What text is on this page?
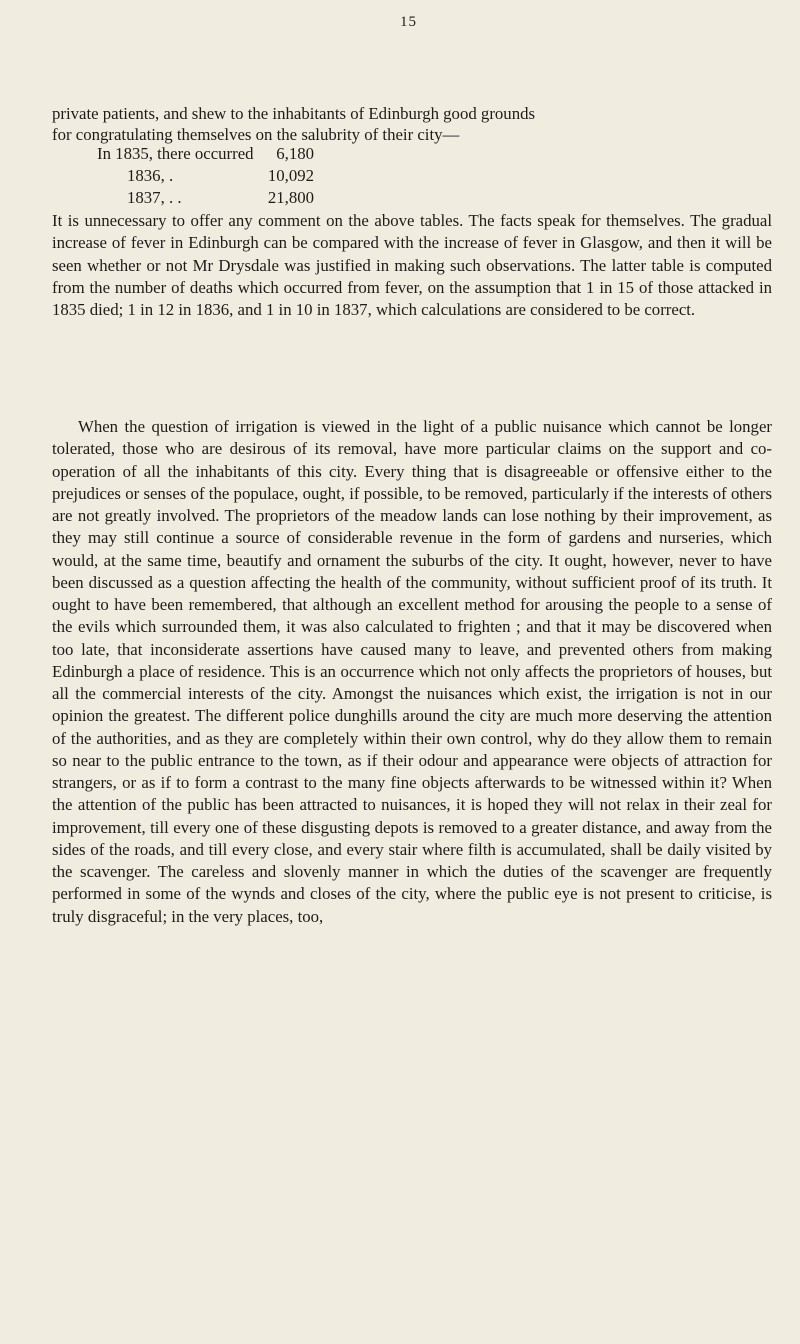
15
private patients, and shew to the inhabitants of Edinburgh good grounds
for congratulating themselves on the salubrity of their city—
In 1835, there occurred	6,180
1836, .	10,092
1837, . .	21,800

It is unnecessary to offer any comment on the above tables. The facts speak for themselves. The gradual increase of fever in Edinburgh can be compared with the increase of fever in Glasgow, and then it will be seen whether or not Mr Drysdale was justified in making such observations. The latter table is computed from the number of deaths which occurred from fever, on the assumption that 1 in 15 of those attacked in 1835 died; 1 in 12 in 1836, and 1 in 10 in 1837, which calculations are considered to be correct.

When the question of irrigation is viewed in the light of a public nuisance which cannot be longer tolerated, those who are desirous of its removal, have more particular claims on the support and co-operation of all the inhabitants of this city. Every thing that is disagreeable or offensive either to the prejudices or senses of the populace, ought, if possible, to be removed, particularly if the interests of others are not greatly involved. The proprietors of the meadow lands can lose nothing by their improvement, as they may still continue a source of considerable revenue in the form of gardens and nurseries, which would, at the same time, beautify and ornament the suburbs of the city. It ought, however, never to have been discussed as a question affecting the health of the community, without sufficient proof of its truth. It ought to have been remembered, that although an excellent method for arousing the people to a sense of the evils which surrounded them, it was also calculated to frighten ; and that it may be discovered when too late, that inconsiderate assertions have caused many to leave, and prevented others from making Edinburgh a place of residence. This is an occurrence which not only affects the proprietors of houses, but all the commercial interests of the city. Amongst the nuisances which exist, the irrigation is not in our opinion the greatest. The different police dunghills around the city are much more deserving the attention of the authorities, and as they are completely within their own control, why do they allow them to remain so near to the public entrance to the town, as if their odour and appearance were objects of attraction for strangers, or as if to form a contrast to the many fine objects afterwards to be witnessed within it? When the attention of the public has been attracted to nuisances, it is hoped they will not relax in their zeal for improvement, till every one of these disgusting depots is removed to a greater distance, and away from the sides of the roads, and till every close, and every stair where filth is accumulated, shall be daily visited by the scavenger. The careless and slovenly manner in which the duties of the scavenger are frequently performed in some of the wynds and closes of the city, where the public eye is not present to criticise, is truly disgraceful; in the very places, too,
